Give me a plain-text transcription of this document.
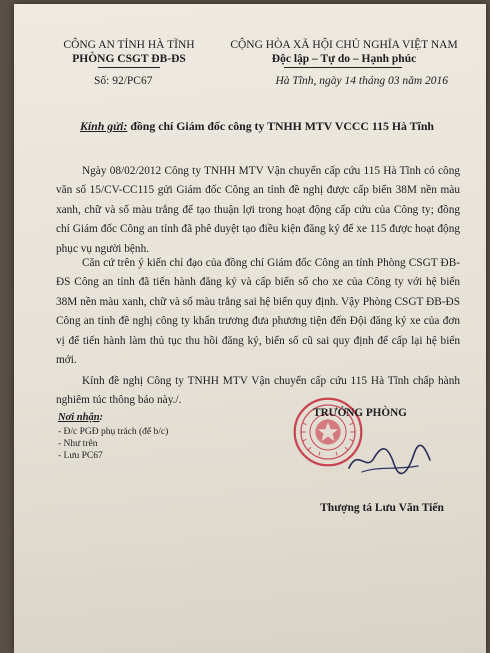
CÔNG AN TỈNH HÀ TĨNH
PHÒNG CSGT ĐB-ĐS
Số: 92/PC67
CỘNG HÒA XÃ HỘI CHỦ NGHĨA VIỆT NAM
Độc lập – Tự do – Hạnh phúc
Hà Tĩnh, ngày 14 tháng 03 năm 2016
Kính gửi: đồng chí Giám đốc công ty TNHH MTV VCCC 115 Hà Tĩnh

Ngày 08/02/2012 Công ty TNHH MTV Vận chuyển cấp cứu 115 Hà Tĩnh có công văn số 15/CV-CC115 gửi Giám đốc Công an tỉnh đề nghị được cấp biển 38M nền màu xanh, chữ và số màu trắng để tạo thuận lợi trong hoạt động cấp cứu của Công ty; đồng chí Giám đốc Công an tỉnh đã phê duyệt tạo điều kiện đăng ký để xe 115 được hoạt động phục vụ người bệnh.

Căn cứ trên ý kiến chỉ đạo của đồng chí Giám đốc Công an tỉnh Phòng CSGT ĐB-ĐS Công an tỉnh đã tiến hành đăng ký và cấp biển số cho xe của Công ty với hệ biển 38M nền màu xanh, chữ và số màu trắng sai hệ biển quy định. Vậy Phòng CSGT ĐB-ĐS Công an tỉnh đề nghị công ty khẩn trương đưa phương tiện đến Đội đăng ký xe của đơn vị để tiến hành làm thủ tục thu hồi đăng ký, biển số cũ sai quy định để cấp lại hệ biển mới.

Kính đề nghị Công ty TNHH MTV Vận chuyển cấp cứu 115 Hà Tĩnh chấp hành nghiêm túc thông báo này./.

Nơi nhận:
- Đ/c PGĐ phụ trách (để b/c)
- Như trên
- Lưu PC67
TRƯỞNG PHÒNG
Thượng tá Lưu Văn Tiến
